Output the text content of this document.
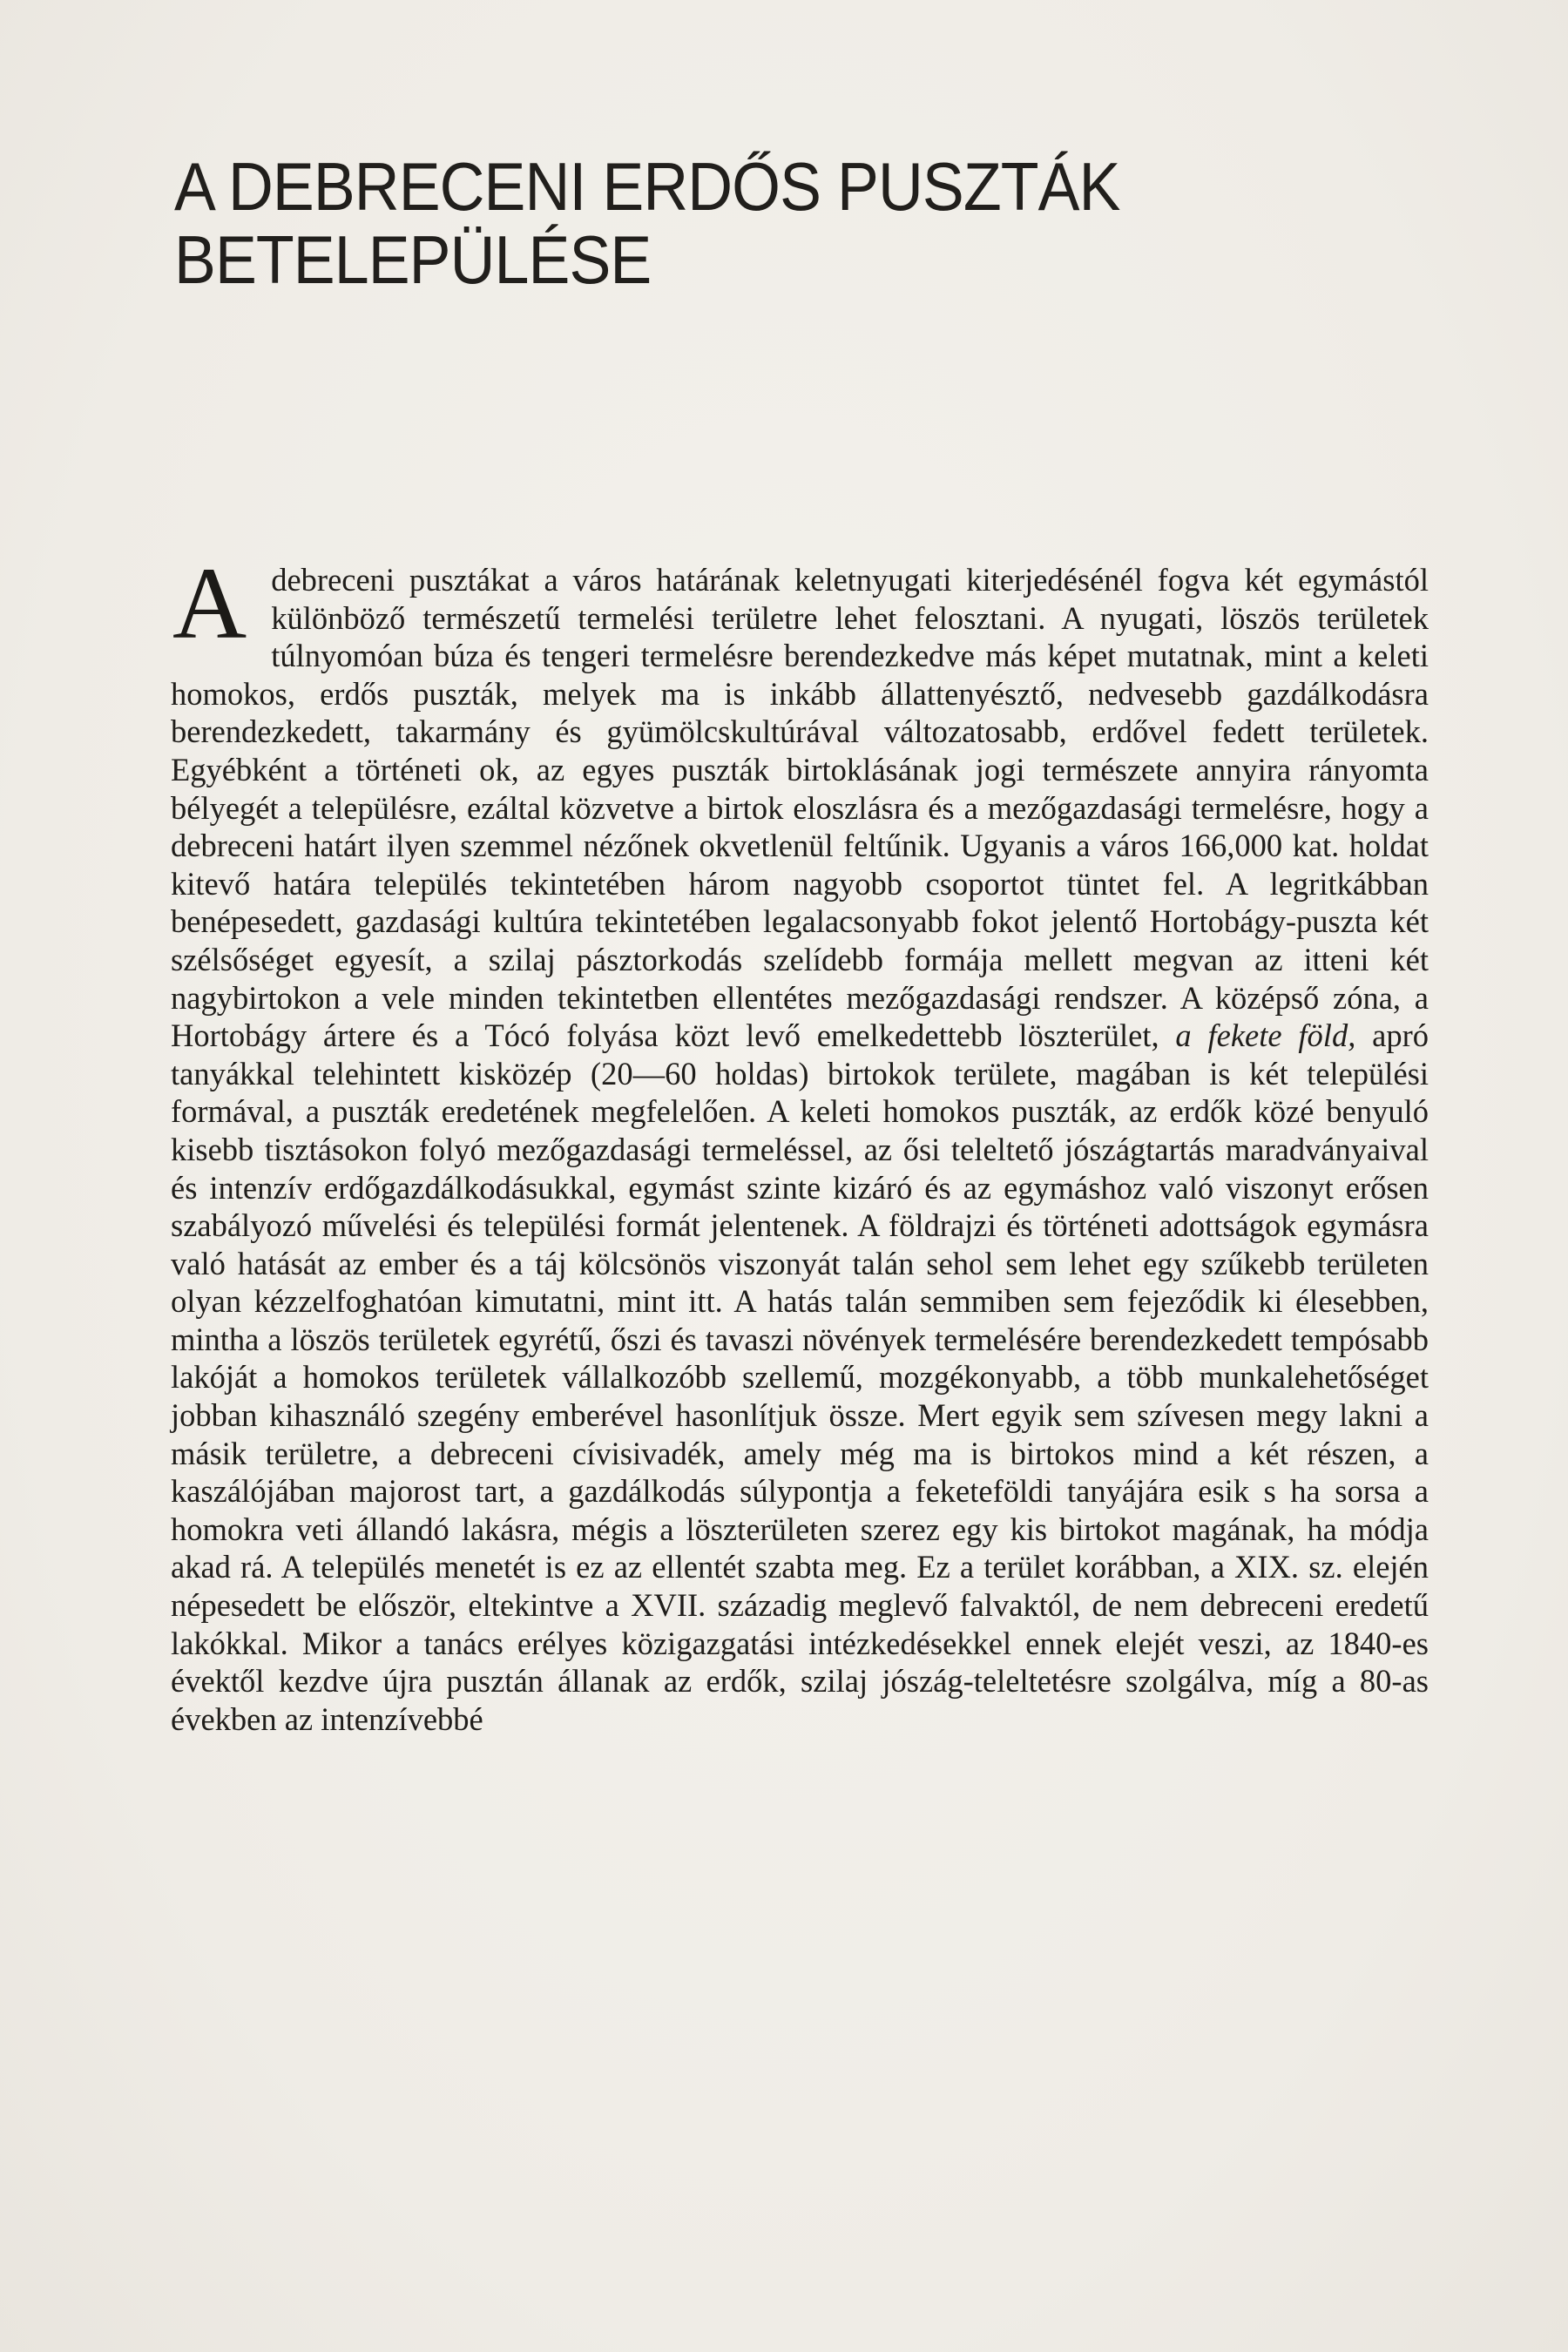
A DEBRECENI ERDŐS PUSZTÁK
BETELEPÜLÉSE

Adebreceni pusztákat a város határának keletnyugati kiterjedésénél fogva két egymástól különböző természetű termelési területre lehet felosztani. A nyugati, löszös területek túlnyomóan búza és tengeri termelésre berendezkedve más képet mutatnak, mint a keleti homokos, erdős puszták, melyek ma is inkább állattenyésztő, nedvesebb gazdálkodásra berendezkedett, takarmány és gyümölcskultúrával változatosabb, erdővel fedett területek. Egyébként a történeti ok, az egyes puszták birtoklásának jogi természete annyira rányomta bélyegét a településre, ezáltal közvetve a birtok eloszlásra és a mezőgazdasági termelésre, hogy a debreceni határt ilyen szemmel nézőnek okvetlenül feltűnik. Ugyanis a város 166,000 kat. holdat kitevő határa település tekintetében három nagyobb csoportot tüntet fel. A legritkábban benépesedett, gazdasági kultúra tekintetében legalacsonyabb fokot jelentő Hortobágy-puszta két szélsőséget egyesít, a szilaj pásztorkodás szelídebb formája mellett megvan az itteni két nagybirtokon a vele minden tekintetben ellentétes mezőgazdasági rendszer. A középső zóna, a Hortobágy ártere és a Tócó folyása közt levő emelkedettebb löszterület, a fekete föld, apró tanyákkal telehintett kisközép (20—60 holdas) birtokok területe, magában is két települési formával, a puszták eredetének megfelelően. A keleti homokos puszták, az erdők közé benyuló kisebb tisztásokon folyó mezőgazdasági termeléssel, az ősi teleltető jószágtartás maradványaival és intenzív erdőgazdálkodásukkal, egymást szinte kizáró és az egymáshoz való viszonyt erősen szabályozó művelési és települési formát jelentenek. A földrajzi és történeti adottságok egymásra való hatását az ember és a táj kölcsönös viszonyát talán sehol sem lehet egy szűkebb területen olyan kézzelfoghatóan kimutatni, mint itt. A hatás talán semmiben sem fejeződik ki élesebben, mintha a löszös területek egyrétű, őszi és tavaszi növények termelésére berendezkedett tempósabb lakóját a homokos területek vállalkozóbb szellemű, mozgékonyabb, a több munkalehetőséget jobban kihasználó szegény emberével hasonlítjuk össze. Mert egyik sem szívesen megy lakni a másik területre, a debreceni cívisivadék, amely még ma is birtokos mind a két részen, a kaszálójában majorost tart, a gazdálkodás súlypontja a feketeföldi tanyájára esik s ha sorsa a homokra veti állandó lakásra, mégis a löszterületen szerez egy kis birtokot magának, ha módja akad rá. A település menetét is ez az ellentét szabta meg. Ez a terület korábban, a XIX. sz. elején népesedett be először, eltekintve a XVII. századig meglevő falvaktól, de nem debreceni eredetű lakókkal. Mikor a tanács erélyes közigazgatási intézkedésekkel ennek elejét veszi, az 1840-es évektől kezdve újra pusztán állanak az erdők, szilaj jószág-teleltetésre szolgálva, míg a 80-as években az intenzívebbé
